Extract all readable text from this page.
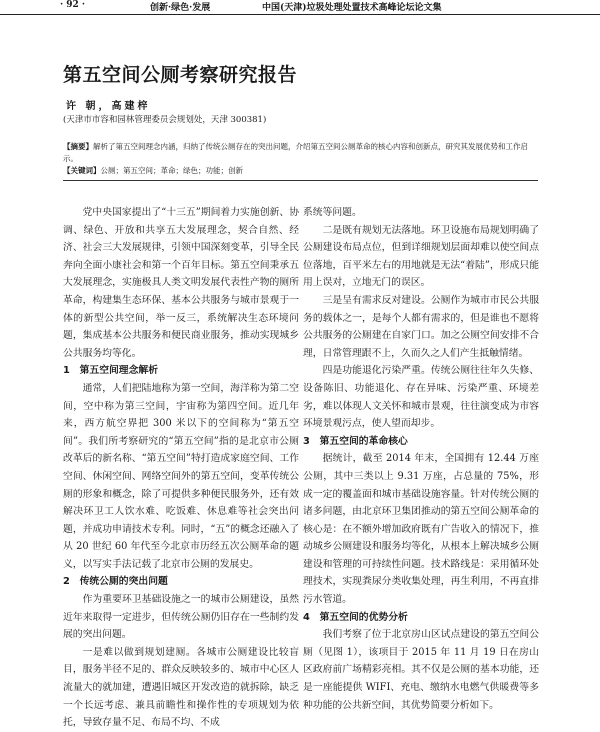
· 92 ·	创新·绿色·发展	中国(天津)垃圾处理处置技术高峰论坛论文集
第五空间公厕考察研究报告
许 朝，高建梓
(天津市市容和园林管理委员会规划处，天津 300381)
【摘要】解析了第五空间理念内涵，归纳了传统公厕存在的突出问题，介绍第五空间公厕革命的核心内容和创新点，研究其发展优势和工作启示。
【关键词】公厕；第五空间；革命；绿色；功能；创新

党中央国家提出了“十三五”期间着力实施创新、协调、绿色、开放和共享五大发展理念，契合自然、经济、社会三大发展规律，引领中国深刻变革，引导全民奔向全面小康社会和第一个百年目标。第五空间秉承五大发展理念，实施极具人类文明发展代表性产物的厕所革命，构建集生态环保、基本公共服务与城市景观于一体的新型公共空间，举一反三，系统解决生态环境问题，集成基本公共服务和便民商业服务，推动实现城乡公共服务均等化。

1　第五空间理念解析

通常，人们把陆地称为第一空间，海洋称为第二空间，空中称为第三空间，宇宙称为第四空间。近几年来，西方航空界把 300 米以下的空间称为“第五空间”。我们所考察研究的“第五空间”指的是北京市公厕改革后的新名称、“第五空间”特打造成家庭空间、工作空间、休闲空间、网络空间外的第五空间，变革传统公厕的形象和概念，除了可提供多种便民服务外，还有效解决环卫工人饮水难、吃饭难、休息难等社会突出问题，并成功申请技术专利。同时，“五”的概念还融入了从 20 世纪 60 年代至今北京市历经五次公厕革命的题义，以写实手法记载了北京市公厕的发展史。

2　传统公厕的突出问题

作为重要环卫基础设施之一的城市公厕建设，虽然近年来取得一定进步，但传统公厕仍旧存在一些制约发展的突出问题。

一是难以做到规划建厕。各城市公厕建设比较盲目，服务半径不足的、群众反映较多的、城市中心区人流量大的就加建，遭遇旧城区开发改造的就拆除，缺乏一个长远考虑、兼具前瞻性和操作性的专项规划为依托，导致存量不足、布局不均、不成

系统等问题。

二是既有规划无法落地。环卫设施布局规划明确了公厕建设布局点位，但到详细规划层面却难以使空间点位落地，百平米左右的用地就是无法“着陆”，形成只能用上误对，立地无门的误区。

三是呈有需求反对建设。公厕作为城市市民公共服务的载体之一，是每个人都有需求的，但是谁也不愿将公共服务的公厕建在自家门口。加之公厕空间安排不合理，日常管理跟不上，久而久之人们产生抵触情绪。

四是功能退化污染严重。传统公厕往往年久失修、设备陈旧、功能退化、存在异味、污染严重、环境差劣，难以体现人文关怀和城市景观，往往演变成为市容环境景观污点，使人望而却步。

3　第五空间的革命核心

据统计，截至 2014 年末，全国拥有 12.44 万座公厕，其中三类以上 9.31 万座，占总量的 75%，形成一定的覆盖面和城市基础设施容量。针对传统公厕的诸多问题，由北京环卫集团推动的第五空间公厕革命的核心是：在不额外增加政府既有广告收入的情况下，推动城乡公厕建设和服务均等化，从根本上解决城乡公厕建设和管理的可持续性问题。技术路线是：采用循环处理技术，实现粪尿分类收集处理，再生利用，不再直排污水管道。

4　第五空间的优势分析

我们考察了位于北京房山区试点建设的第五空间公厕（见图 1），该项目于 2015 年 11 月 19 日在房山区政府前广场精彩亮相。其不仅是公厕的基本功能，还是一座能提供 WIFI、充电、缴纳水电燃气供暖费等多种功能的公共新空间，其优势简要分析如下。
